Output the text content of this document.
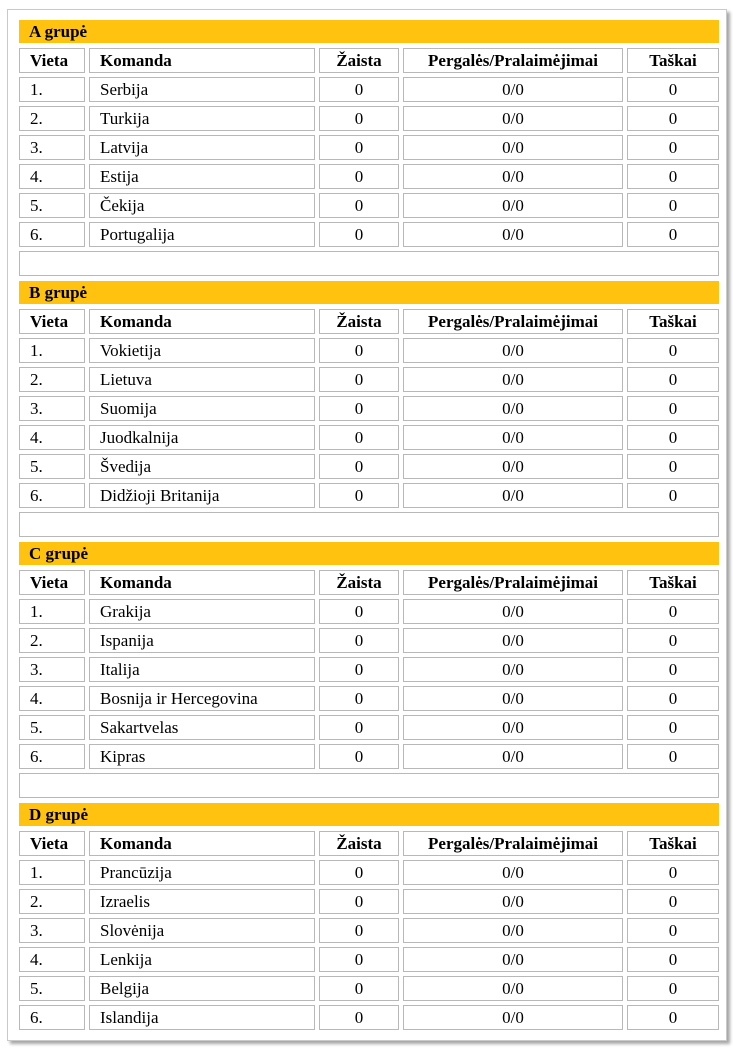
A grupė
Vieta	Komanda	Žaista	Pergalės/Pralaimėjimai	Taškai
1.	Serbija	0	0/0	0
2.	Turkija	0	0/0	0
3.	Latvija	0	0/0	0
4.	Estija	0	0/0	0
5.	Čekija	0	0/0	0
6.	Portugalija	0	0/0	0
B grupė
Vieta	Komanda	Žaista	Pergalės/Pralaimėjimai	Taškai
1.	Vokietija	0	0/0	0
2.	Lietuva	0	0/0	0
3.	Suomija	0	0/0	0
4.	Juodkalnija	0	0/0	0
5.	Švedija	0	0/0	0
6.	Didžioji Britanija	0	0/0	0
C grupė
Vieta	Komanda	Žaista	Pergalės/Pralaimėjimai	Taškai
1.	Grakija	0	0/0	0
2.	Ispanija	0	0/0	0
3.	Italija	0	0/0	0
4.	Bosnija ir Hercegovina	0	0/0	0
5.	Sakartvelas	0	0/0	0
6.	Kipras	0	0/0	0
D grupė
Vieta	Komanda	Žaista	Pergalės/Pralaimėjimai	Taškai
1.	Prancūzija	0	0/0	0
2.	Izraelis	0	0/0	0
3.	Slovėnija	0	0/0	0
4.	Lenkija	0	0/0	0
5.	Belgija	0	0/0	0
6.	Islandija	0	0/0	0
